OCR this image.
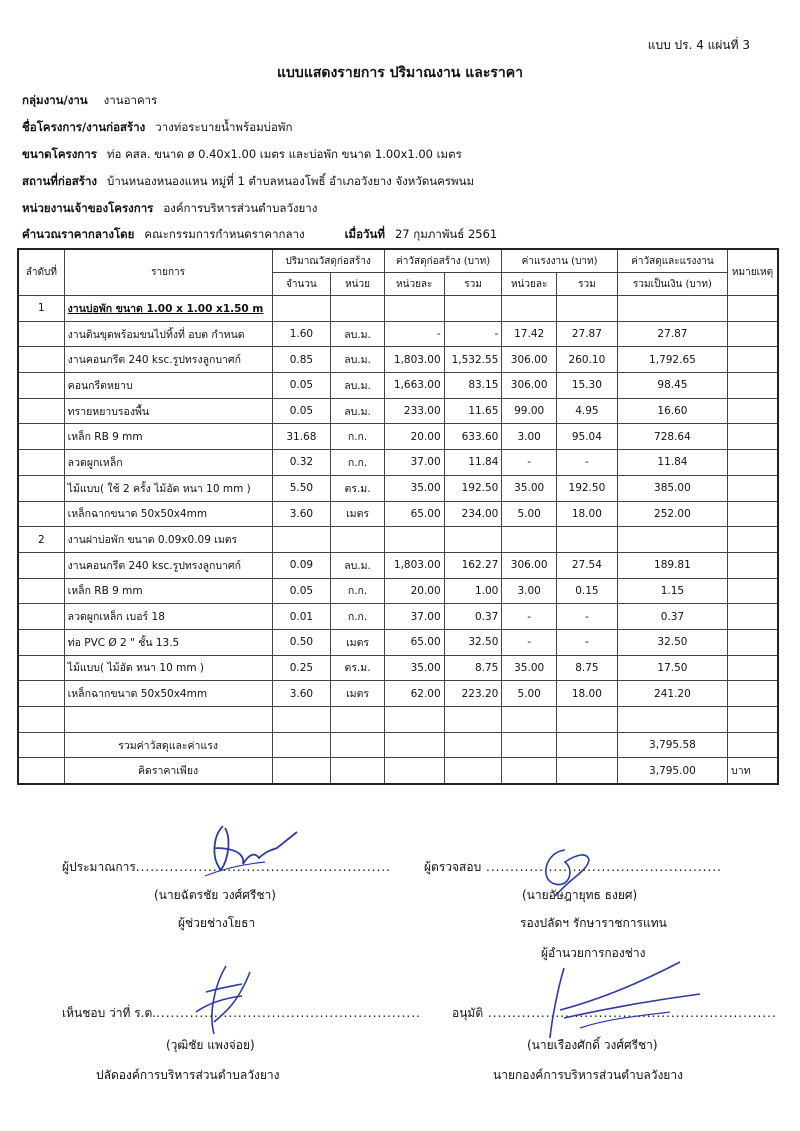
แบบ ปร. 4 แผ่นที่ 3
แบบแสดงรายการ ปริมาณงาน และราคา
กลุ่มงาน/งาน งานอาคาร
ชื่อโครงการ/งานก่อสร้าง วางท่อระบายน้ำพร้อมบ่อพัก
ขนาดโครงการ ท่อ คสล. ขนาด ø 0.40x1.00 เมตร และบ่อพัก ขนาด 1.00x1.00 เมตร
สถานที่ก่อสร้าง บ้านหนองหนองแหน หมู่ที่ 1 ตำบลหนองโพธิ์ อำเภอวังยาง จังหวัดนครพนม
หน่วยงานเจ้าของโครงการ องค์การบริหารส่วนตำบลวังยาง
คำนวณราคากลางโดย คณะกรรมการกำหนดราคากลาง	เมื่อวันที่ 27 กุมภาพันธ์ 2561
ลำดับที่	รายการ	ปริมาณวัสดุก่อสร้าง		ค่าวัสดุก่อสร้าง (บาท)		ค่าแรงงาน (บาท)		ค่าวัสดุและแรงงาน	หมายเหตุ
		จำนวน	หน่วย	หน่วยละ	รวม	หน่วยละ	รวม	รวมเป็นเงิน (บาท)	
1	งานบ่อพัก ขนาด 1.00 x 1.00 x1.50 m								
	งานดินขุดพร้อมขนไปทิ้งที่ อบต กำหนด	1.60	ลบ.ม.	-	-	17.42	27.87	27.87	
	งานคอนกรีต 240 ksc.รูปทรงลูกบาศก์	0.85	ลบ.ม.	1,803.00	1,532.55	306.00	260.10	1,792.65	
	คอนกรีตหยาบ	0.05	ลบ.ม.	1,663.00	83.15	306.00	15.30	98.45	
	ทรายหยาบรองพื้น	0.05	ลบ.ม.	233.00	11.65	99.00	4.95	16.60	
	เหล็ก RB 9 mm	31.68	ก.ก.	20.00	633.60	3.00	95.04	728.64	
	ลวดผูกเหล็ก	0.32	ก.ก.	37.00	11.84	-	-	11.84	
	ไม้แบบ( ใช้ 2 ครั้ง ไม้อัด หนา 10 mm )	5.50	ตร.ม.	35.00	192.50	35.00	192.50	385.00	
	เหล็กฉากขนาด 50x50x4mm	3.60	เมตร	65.00	234.00	5.00	18.00	252.00	
2	งานฝาบ่อพัก ขนาด 0.09x0.09 เมตร								
	งานคอนกรีต 240 ksc.รูปทรงลูกบาศก์	0.09	ลบ.ม.	1,803.00	162.27	306.00	27.54	189.81	
	เหล็ก RB 9 mm	0.05	ก.ก.	20.00	1.00	3.00	0.15	1.15	
	ลวดผูกเหล็ก เบอร์ 18	0.01	ก.ก.	37.00	0.37	-	-	0.37	
	ท่อ PVC Ø 2 " ชั้น 13.5	0.50	เมตร	65.00	32.50	-	-	32.50	
	ไม้แบบ( ไม้อัด หนา 10 mm )	0.25	ตร.ม.	35.00	8.75	35.00	8.75	17.50	
	เหล็กฉากขนาด 50x50x4mm	3.60	เมตร	62.00	223.20	5.00	18.00	241.20	

	รวมค่าวัสดุและค่าแรง							3,795.58	
	คิดราคาเพียง							3,795.00	บาท
ผู้ประมาณการ.....................................................
(นายฉัตรชัย วงศ์ศรีชา)
ผู้ช่วยช่างโยธา
ผู้ตรวจสอบ .................................................
(นายอัษฎายุทธ ธงยศ)
รองปลัดฯ รักษาราชการแทน
ผู้อำนวยการกองช่าง
เห็นชอบ ว่าที่ ร.ต........................................................
(วุฒิชัย แพงจ่อย)
ปลัดองค์การบริหารส่วนตำบลวังยาง
อนุมัติ ............................................................
(นายเรืองศักดิ์ วงศ์ศรีชา)
นายกองค์การบริหารส่วนตำบลวังยาง
